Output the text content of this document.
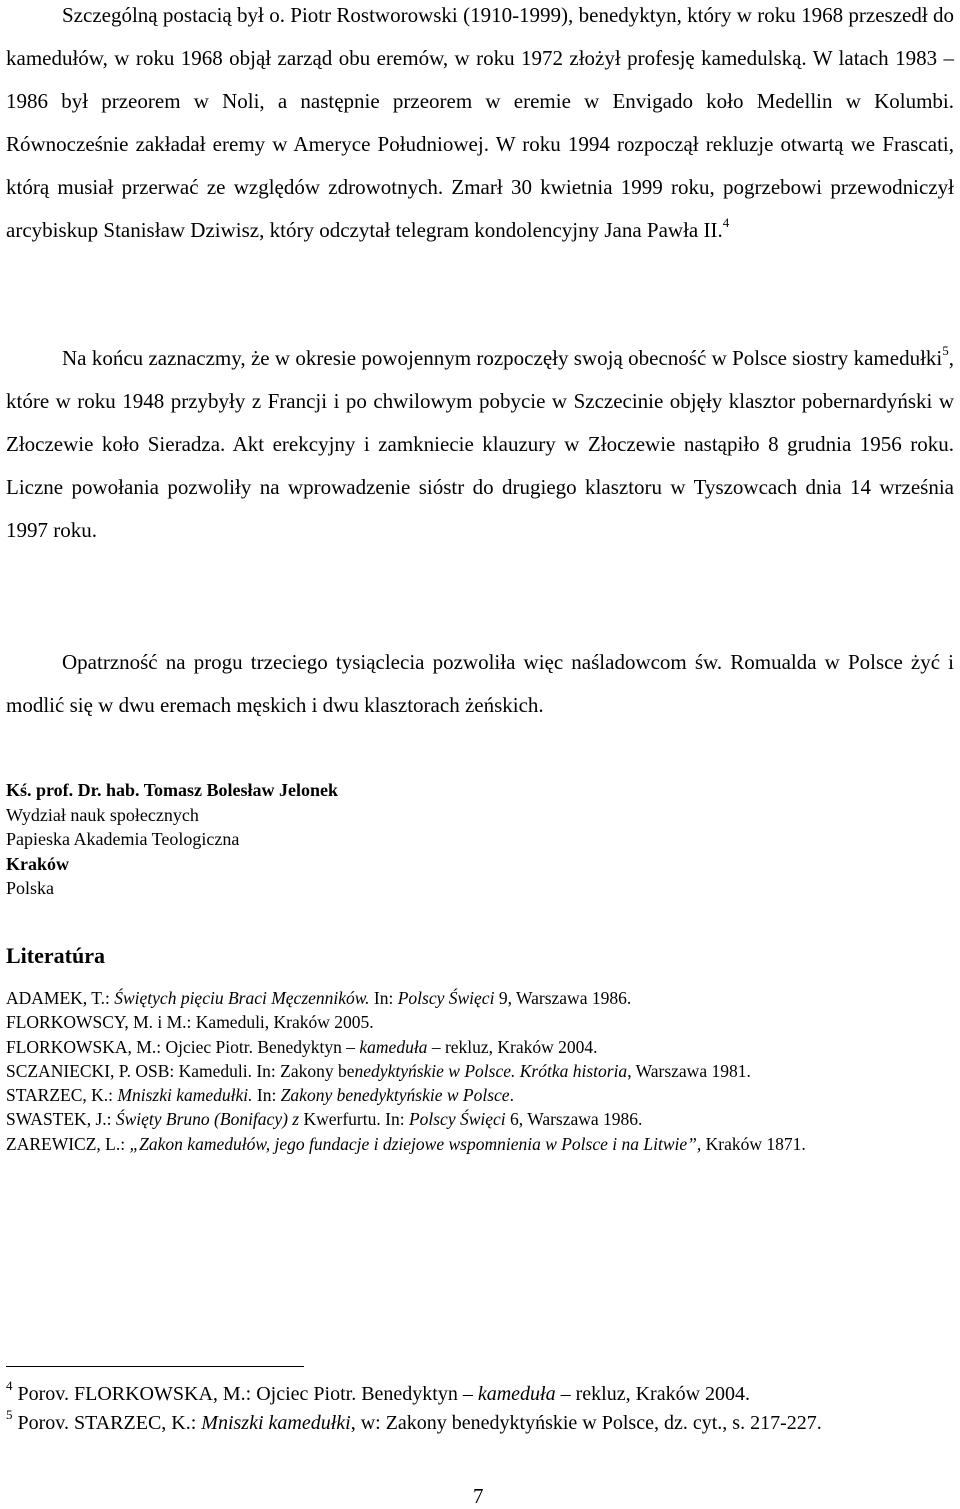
Szczególną postacią był o. Piotr Rostworowski (1910-1999), benedyktyn, który w roku 1968 przeszedł do kamedułów, w roku 1968 objął zarząd obu eremów, w roku 1972 złożył profesję kamedulską. W latach 1983 – 1986 był przeorem w Noli, a następnie przeorem w eremie w Envigado koło Medellin w Kolumbi. Równocześnie zakładał eremy w Ameryce Południowej. W roku 1994 rozpoczął rekluzje otwartą we Frascati, którą musiał przerwać ze względów zdrowotnych. Zmarł 30 kwietnia 1999 roku, pogrzebowi przewodniczył arcybiskup Stanisław Dziwisz, który odczytał telegram kondolencyjny Jana Pawła II.$^4$

Na końcu zaznaczmy, że w okresie powojennym rozpoczęły swoją obecność w Polsce siostry kamedułki$^5$, które w roku 1948 przybyły z Francji i po chwilowym pobycie w Szczecinie objęły klasztor pobernardyński w Złoczewie koło Sieradza. Akt erekcyjny i zamkniecie klauzury w Złoczewie nastąpiło 8 grudnia 1956 roku. Liczne powołania pozwoliły na wprowadzenie sióstr do drugiego klasztoru w Tyszowcach dnia 14 września 1997 roku.

Opatrzność na progu trzeciego tysiąclecia pozwoliła więc naśladowcom św. Romualda w Polsce żyć i modlić się w dwu eremach męskich i dwu klasztorach żeńskich.

Kś. prof. Dr. hab. Tomasz Bolesław Jelonek
Wydział nauk społecznych
Papieska Akademia Teologiczna
Kraków
Polska
Literatúra
ADAMEK, T.: Świętych pięciu Braci Męczenników. In: Polscy Święci 9, Warszawa 1986.
FLORKOWSCY, M. i M.: Kameduli, Kraków 2005.
FLORKOWSKA, M.: Ojciec Piotr. Benedyktyn – kameduła – rekluz, Kraków 2004.
SCZANIECKI, P. OSB: Kameduli. In: Zakony benedyktyńskie w Polsce. Krótka historia, Warszawa 1981.
STARZEC, K.: Mniszki kamedułki. In: Zakony benedyktyńskie w Polsce.
SWASTEK, J.: Święty Bruno (Bonifacy) z Kwerfurtu. In: Polscy Święci 6, Warszawa 1986.
ZAREWICZ, L.: „Zakon kamedułów, jego fundacje i dziejowe wspomnienia w Polsce i na Litwie”, Kraków 1871.
$^4$ Porov. FLORKOWSKA, M.: Ojciec Piotr. Benedyktyn – kameduła – rekluz, Kraków 2004.
$^5$ Porov. STARZEC, K.: Mniszki kamedułki, w: Zakony benedyktyńskie w Polsce, dz. cyt., s. 217-227.
7
